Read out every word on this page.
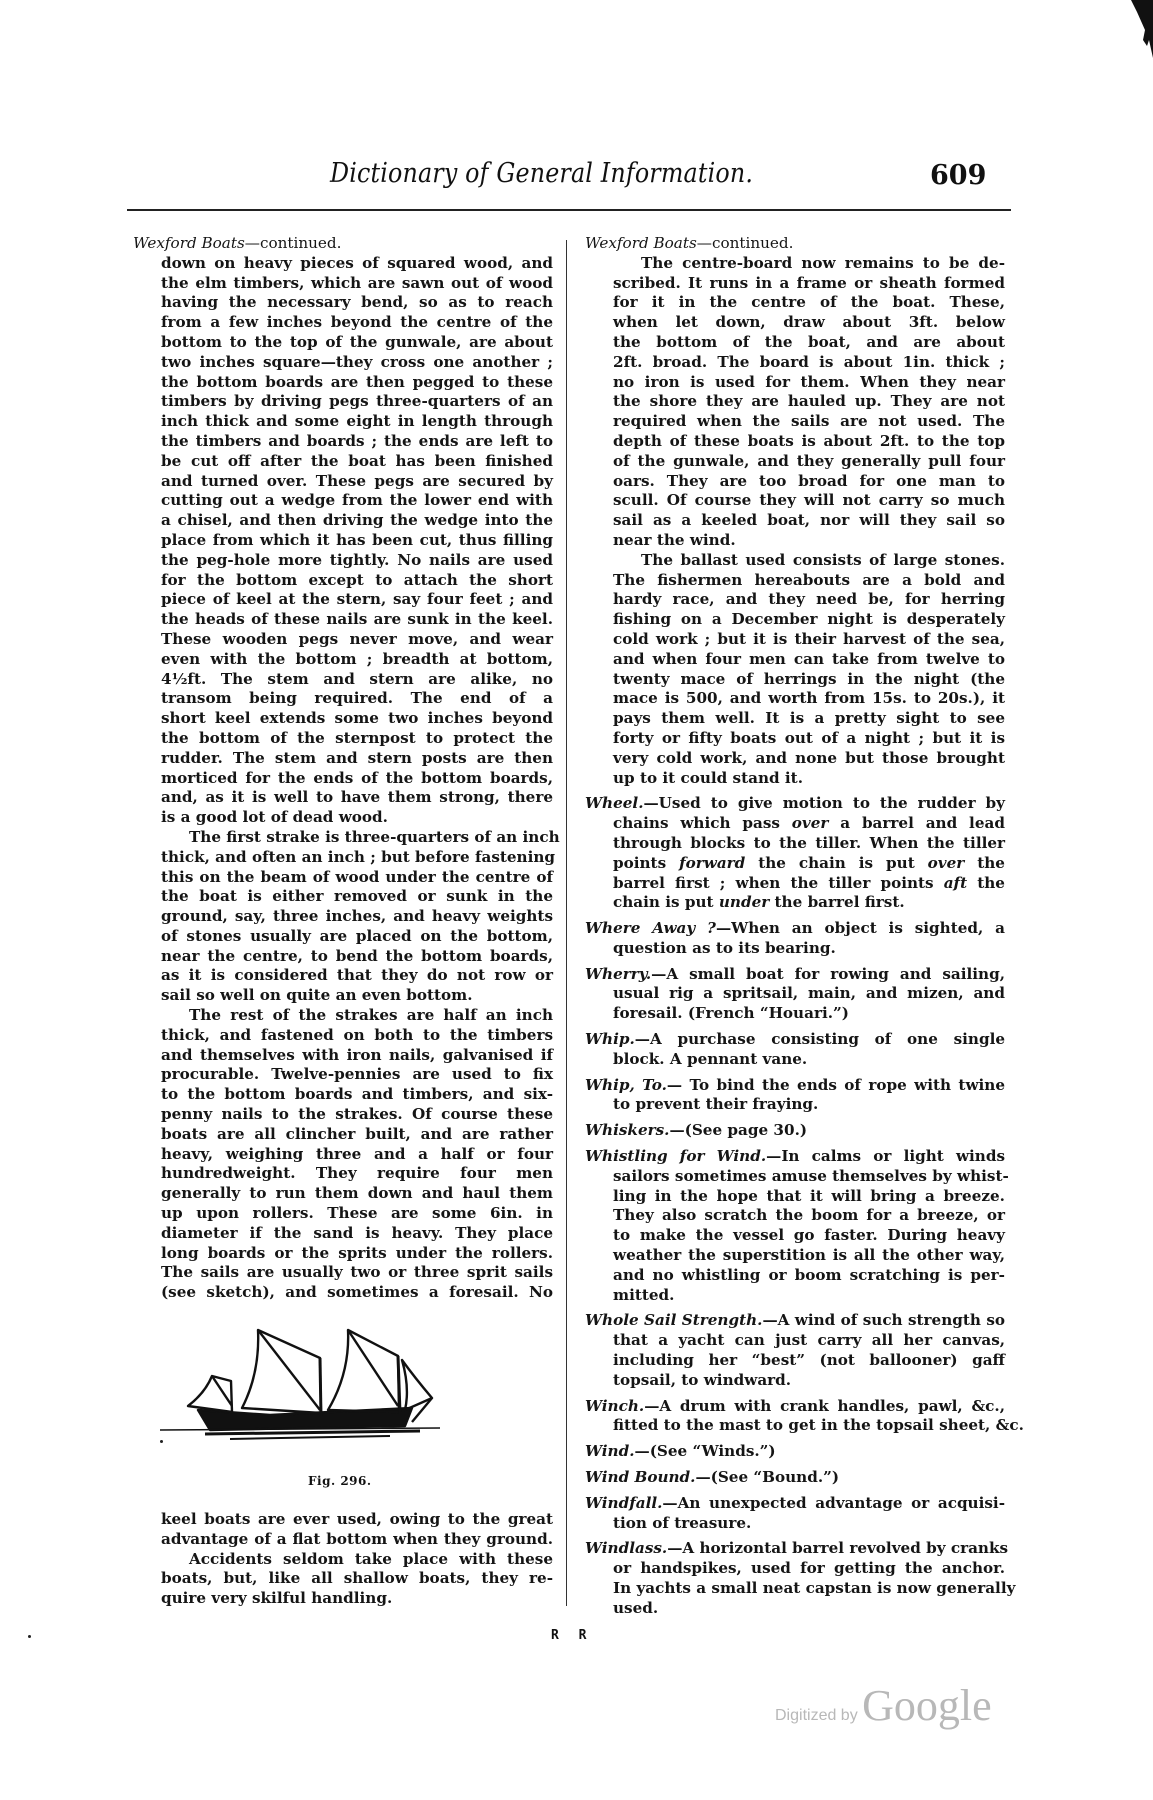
Dictionary of General Information.	609
Wexford Boats—continued.
down on heavy pieces of squared wood, and
the elm timbers, which are sawn out of wood
having the necessary bend, so as to reach
from a few inches beyond the centre of the
bottom to the top of the gunwale, are about
two inches square—they cross one another ;
the bottom boards are then pegged to these
timbers by driving pegs three-quarters of an
inch thick and some eight in length through
the timbers and boards ; the ends are left to
be cut off after the boat has been finished
and turned over. These pegs are secured by
cutting out a wedge from the lower end with
a chisel, and then driving the wedge into the
place from which it has been cut, thus filling
the peg-hole more tightly. No nails are used
for the bottom except to attach the short
piece of keel at the stern, say four feet ; and
the heads of these nails are sunk in the keel.
These wooden pegs never move, and wear
even with the bottom ; breadth at bottom,
4½ft. The stem and stern are alike, no
transom being required. The end of a
short keel extends some two inches beyond
the bottom of the sternpost to protect the
rudder. The stem and stern posts are then
morticed for the ends of the bottom boards,
and, as it is well to have them strong, there
is a good lot of dead wood.
The first strake is three-quarters of an inch
thick, and often an inch ; but before fastening
this on the beam of wood under the centre of
the boat is either removed or sunk in the
ground, say, three inches, and heavy weights
of stones usually are placed on the bottom,
near the centre, to bend the bottom boards,
as it is considered that they do not row or
sail so well on quite an even bottom.
The rest of the strakes are half an inch
thick, and fastened on both to the timbers
and themselves with iron nails, galvanised if
procurable. Twelve-pennies are used to fix
to the bottom boards and timbers, and six-
penny nails to the strakes. Of course these
boats are all clincher built, and are rather
heavy, weighing three and a half or four
hundredweight. They require four men
generally to run them down and haul them
up upon rollers. These are some 6in. in
diameter if the sand is heavy. They place
long boards or the sprits under the rollers.
The sails are usually two or three sprit sails
(see sketch), and sometimes a foresail. No
Fig. 296.
keel boats are ever used, owing to the great
advantage of a flat bottom when they ground.
Accidents seldom take place with these
boats, but, like all shallow boats, they re-
quire very skilful handling.
Wexford Boats—continued.
The centre-board now remains to be de-
scribed. It runs in a frame or sheath formed
for it in the centre of the boat. These,
when let down, draw about 3ft. below
the bottom of the boat, and are about
2ft. broad. The board is about 1in. thick ;
no iron is used for them. When they near
the shore they are hauled up. They are not
required when the sails are not used. The
depth of these boats is about 2ft. to the top
of the gunwale, and they generally pull four
oars. They are too broad for one man to
scull. Of course they will not carry so much
sail as a keeled boat, nor will they sail so
near the wind.
The ballast used consists of large stones.
The fishermen hereabouts are a bold and
hardy race, and they need be, for herring
fishing on a December night is desperately
cold work ; but it is their harvest of the sea,
and when four men can take from twelve to
twenty mace of herrings in the night (the
mace is 500, and worth from 15s. to 20s.), it
pays them well. It is a pretty sight to see
forty or fifty boats out of a night ; but it is
very cold work, and none but those brought
up to it could stand it.
Wheel.—Used to give motion to the rudder by
chains which pass over a barrel and lead
through blocks to the tiller. When the tiller
points forward the chain is put over the
barrel first ; when the tiller points aft the
chain is put under the barrel first.
Where Away ?—When an object is sighted, a
question as to its bearing.
Wherry.—A small boat for rowing and sailing,
usual rig a spritsail, main, and mizen, and
foresail. (French “Houari.”)
Whip.—A purchase consisting of one single
block. A pennant vane.
Whip, To.— To bind the ends of rope with twine
to prevent their fraying.
Whiskers.—(See page 30.)
Whistling for Wind.—In calms or light winds
sailors sometimes amuse themselves by whist-
ling in the hope that it will bring a breeze.
They also scratch the boom for a breeze, or
to make the vessel go faster. During heavy
weather the superstition is all the other way,
and no whistling or boom scratching is per-
mitted.
Whole Sail Strength.—A wind of such strength so
that a yacht can just carry all her canvas,
including her “best” (not ballooner) gaff
topsail, to windward.
Winch.—A drum with crank handles, pawl, &c.,
fitted to the mast to get in the topsail sheet, &c.
Wind.—(See “Winds.”)
Wind Bound.—(See “Bound.”)
Windfall.—An unexpected advantage or acquisi-
tion of treasure.
Windlass.—A horizontal barrel revolved by cranks
or handspikes, used for getting the anchor.
In yachts a small neat capstan is now generally
used.
R R
Digitized by Google
